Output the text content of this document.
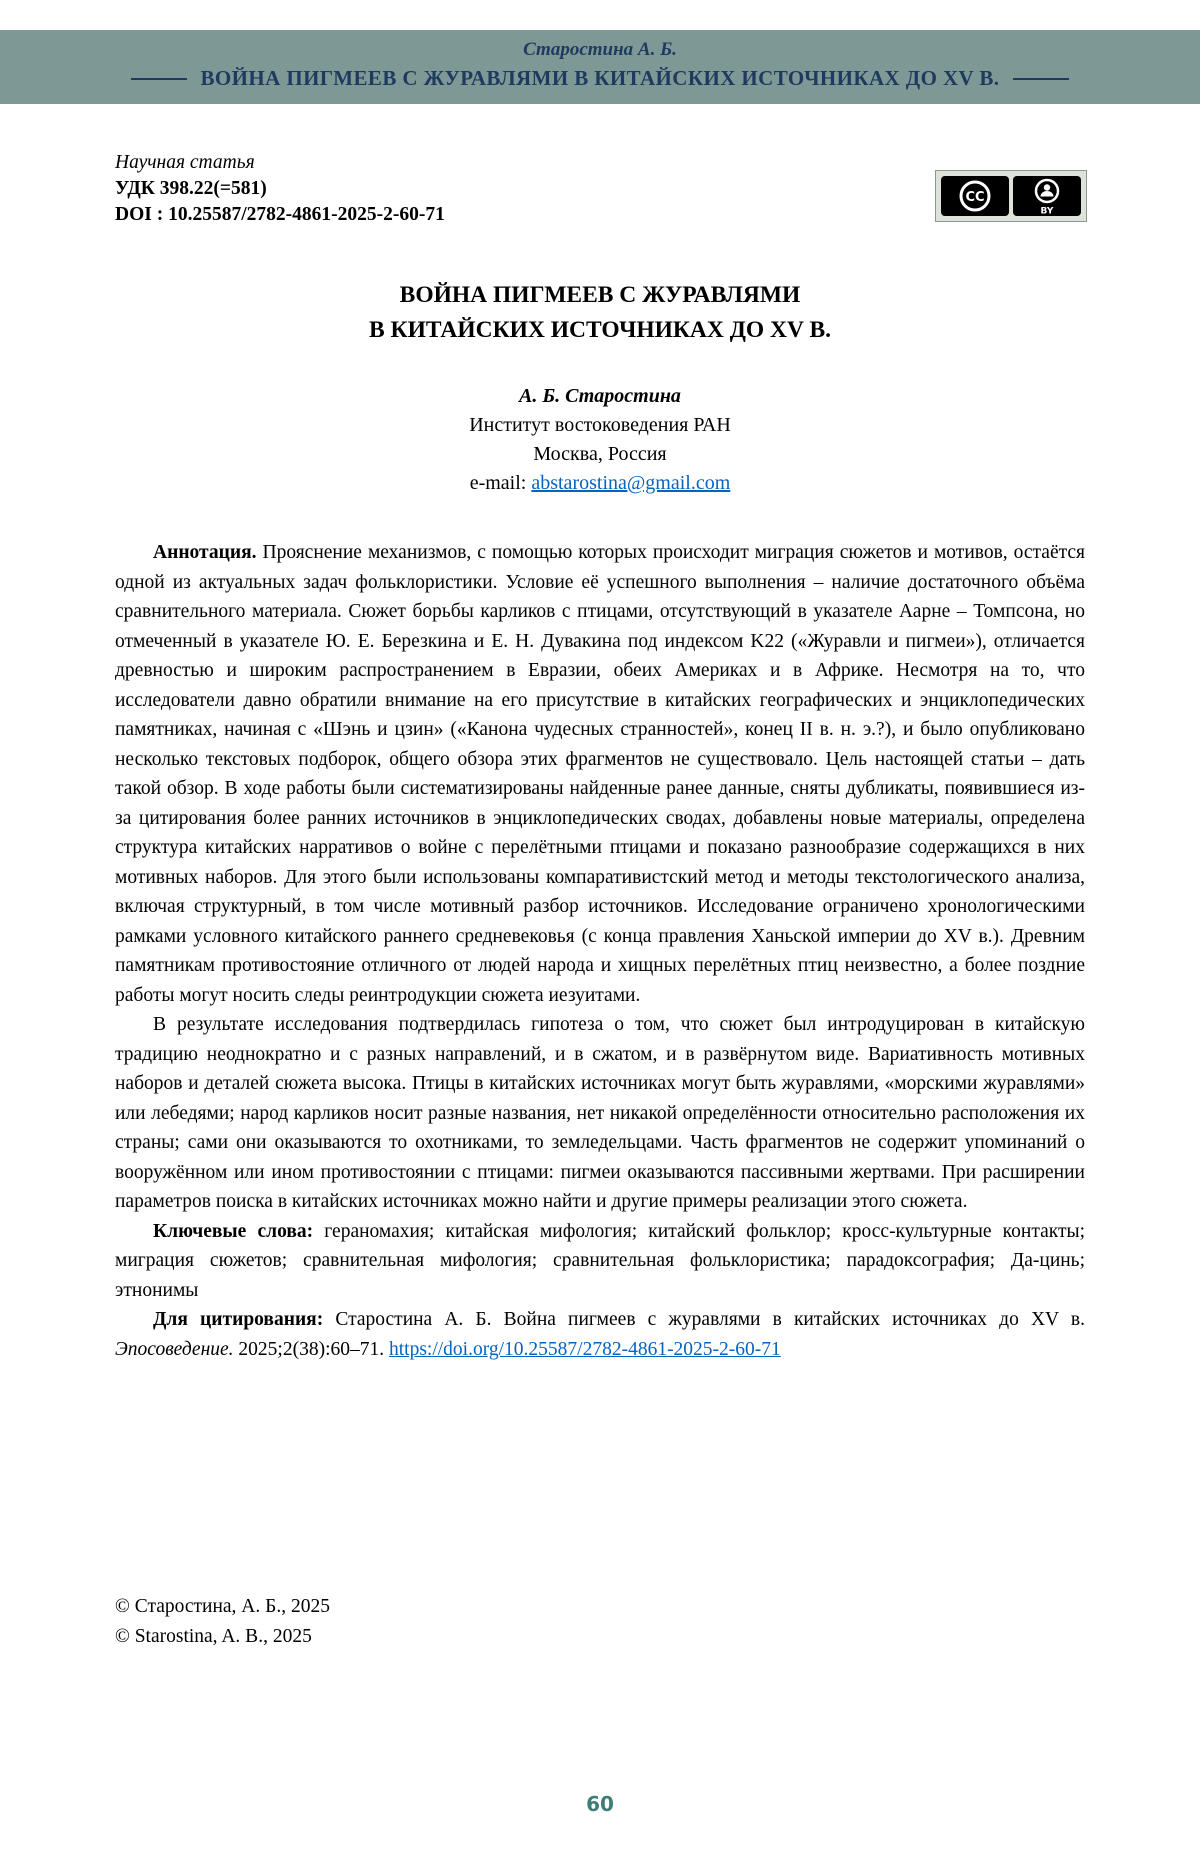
Старостина А. Б.
ВОЙНА ПИГМЕЕВ С ЖУРАВЛЯМИ В КИТАЙСКИХ ИСТОЧНИКАХ ДО XV В.
Научная статья
УДК 398.22(=581)
DOI : 10.25587/2782-4861-2025-2-60-71
CC
BY
ВОЙНА ПИГМЕЕВ С ЖУРАВЛЯМИ
В КИТАЙСКИХ ИСТОЧНИКАХ ДО XV В.
А. Б. Старостина
Институт востоковедения РАН
Москва, Россия
e-mail: abstarostina@gmail.com

Аннотация. Прояснение механизмов, с помощью которых происходит миграция сюжетов и мотивов, остаётся одной из актуальных задач фольклористики. Условие её успешного выполнения – наличие достаточного объёма сравнительного материала. Сюжет борьбы карликов с птицами, отсутствующий в указателе Аарне – Томпсона, но отмеченный в указателе Ю. Е. Березкина и Е. Н. Дувакина под индексом K22 («Журавли и пигмеи»), отличается древностью и широким распространением в Евразии, обеих Америках и в Африке. Несмотря на то, что исследователи давно обратили внимание на его присутствие в китайских географических и энциклопедических памятниках, начиная с «Шэнь и цзин» («Канона чудесных странностей», конец II в. н. э.?), и было опубликовано несколько текстовых подборок, общего обзора этих фрагментов не существовало. Цель настоящей статьи – дать такой обзор. В ходе работы были систематизированы найденные ранее данные, сняты дубликаты, появившиеся из-за цитирования более ранних источников в энциклопедических сводах, добавлены новые материалы, определена структура китайских нарративов о войне с перелётными птицами и показано разнообразие содержащихся в них мотивных наборов. Для этого были использованы компаративистский метод и методы текстологического анализа, включая структурный, в том числе мотивный разбор источников. Исследование ограничено хронологическими рамками условного китайского раннего средневековья (с конца правления Ханьской империи до XV в.). Древним памятникам противостояние отличного от людей народа и хищных перелётных птиц неизвестно, а более поздние работы могут носить следы реинтродукции сюжета иезуитами.

В результате исследования подтвердилась гипотеза о том, что сюжет был интродуцирован в китайскую традицию неоднократно и с разных направлений, и в сжатом, и в развёрнутом виде. Вариативность мотивных наборов и деталей сюжета высока. Птицы в китайских источниках могут быть журавлями, «морскими журавлями» или лебедями; народ карликов носит разные названия, нет никакой определённости относительно расположения их страны; сами они оказываются то охотниками, то земледельцами. Часть фрагментов не содержит упоминаний о вооружённом или ином противостоянии с птицами: пигмеи оказываются пассивными жертвами. При расширении параметров поиска в китайских источниках можно найти и другие примеры реализации этого сюжета.

Ключевые слова: гераномахия; китайская мифология; китайский фольклор; кросс-культурные контакты; миграция сюжетов; сравнительная мифология; сравнительная фольклористика; парадоксография; Да-цинь; этнонимы

Для цитирования: Старостина А. Б. Война пигмеев с журавлями в китайских источниках до XV в. Эпосоведение. 2025;2(38):60–71. https://doi.org/10.25587/2782-4861-2025-2-60-71

© Старостина, А. Б., 2025
© Starostina, A. B., 2025
60
